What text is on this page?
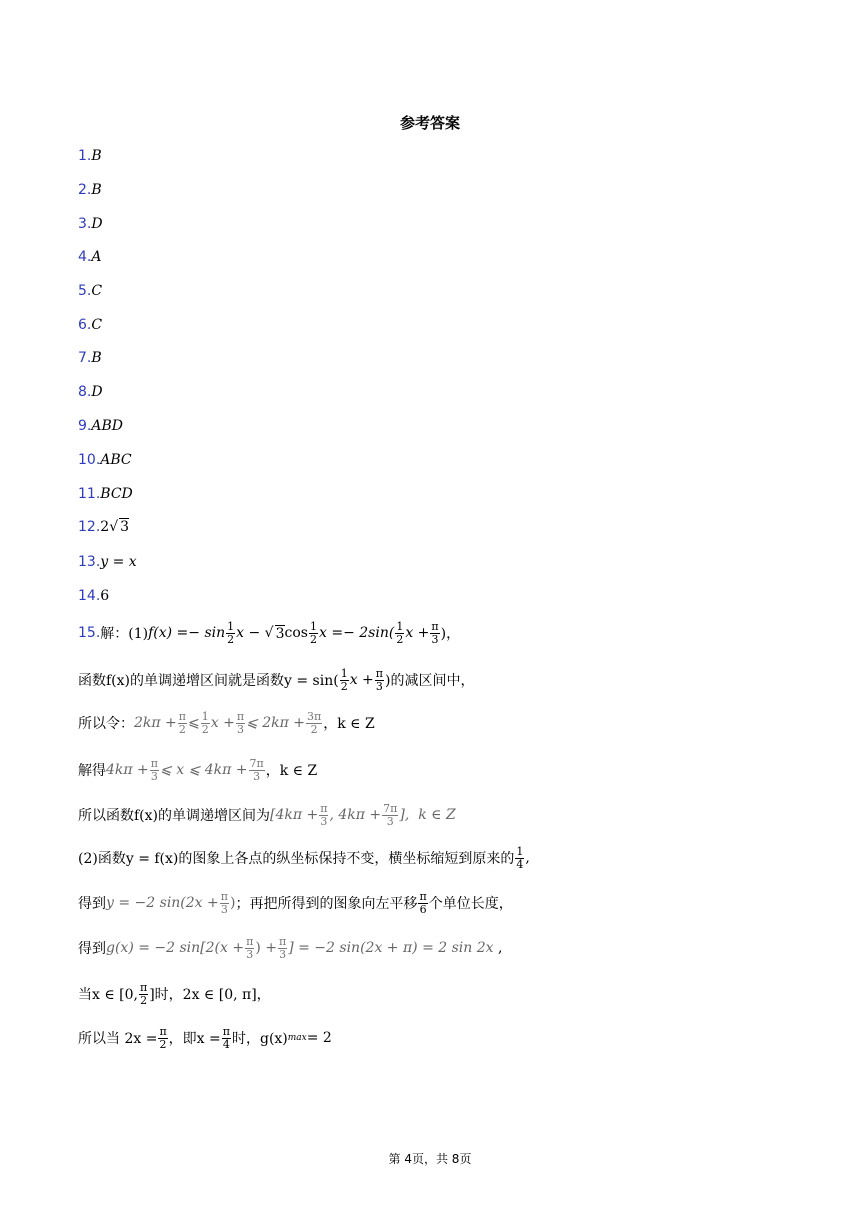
参考答案
1.B
2.B
3.D
4.A
5.C
6.C
7.B
8.D
9.ABD
10.ABC
11.BCD
12.2√ 3
13.y = x
14.6
15. 解：(1) $f(x) =- \sin \frac{1}{2}$ x − √ 3 $\cos \frac{1}{2}$ $x =- 2\sin( \frac{1}{2}$ $x + \frac{\pi}{3}$ )，
函数f(x)的单调递增区间就是函数$y = \sin( \frac{1}{2}$ $x + \frac{\pi}{3}$ )的减区间中，
所以令： $2k\pi + \frac{\pi}{2}$ ⩽ $\frac{1}{2}$ $x + \frac{\pi}{3}$ ⩽ $2k\pi + \frac{3\pi}{2}$ ，k ∈ Z
解得 $4k\pi + \frac{\pi}{3}$ ⩽ x ⩽ $4k\pi + \frac{7\pi}{3}$ ，k ∈ Z
所以函数f(x)的单调递增区间为 [$4k\pi + \frac{\pi}{3}$ , $4k\pi + \frac{7\pi}{3}$ ],  k ∈ Z
(2)函数y = f(x)的图象上各点的纵坐标保持不变，横坐标缩短到原来的 $\frac{1}{4}$ ,
得到 y = −2 $\sin(2x + \frac{\pi}{3}$ ) ；再把所得到的图象向左平移 $\frac{\pi}{6}$ 个单位长度，
得到 g(x) = −2 $\sin[2(x + \frac{\pi}{3}$ ) + $\frac{\pi}{3}$ ] = −2 sin(2x + π) = 2 sin 2x ,
当x ∈ [0, $\frac{\pi}{2}$ ]时，2x ∈ [0, π]，
所以当 $2x = \frac{\pi}{2}$ ，即$x = \frac{\pi}{4}$ 时，g(x) max = 2
第 4页，共 8页
